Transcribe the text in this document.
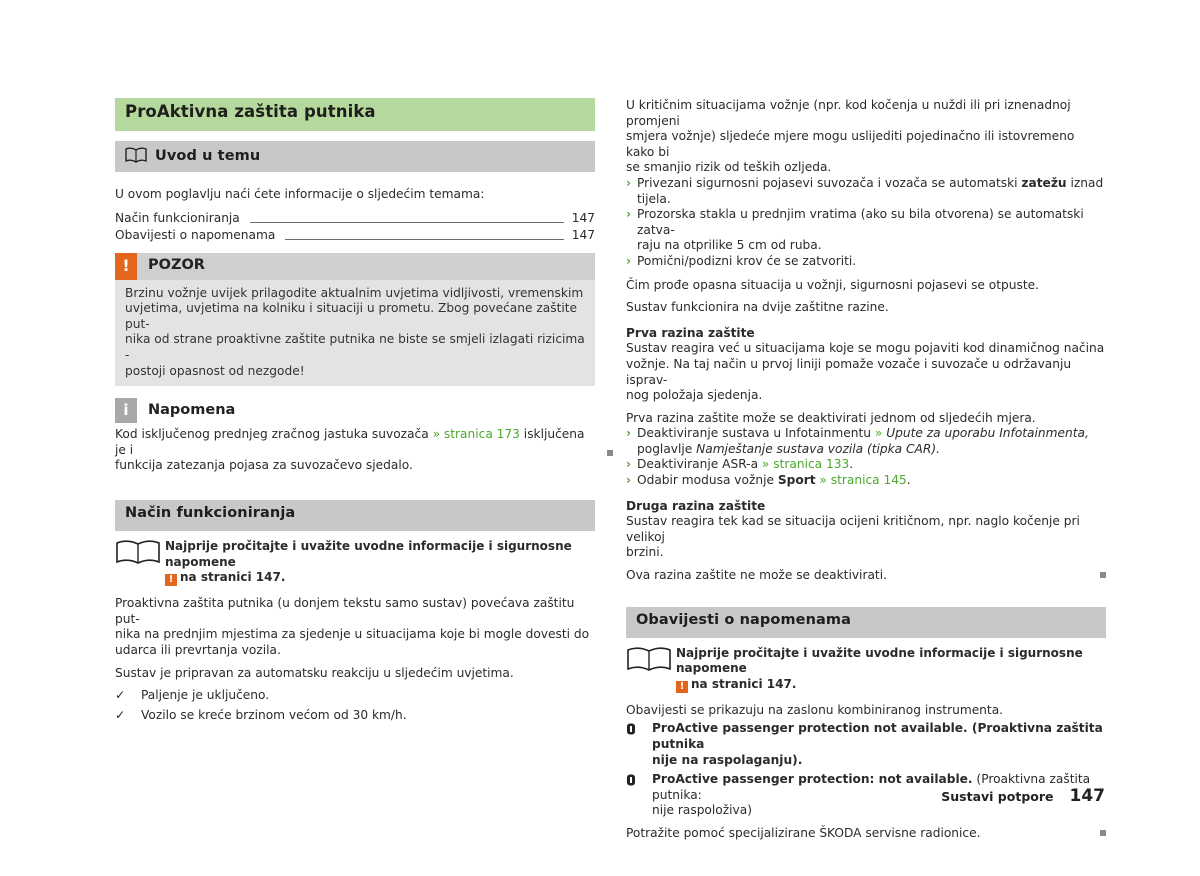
ProAktivna zaštita putnika
Uvod u temu

U ovom poglavlju naći ćete informacije o sljedećim temama:

Način funkcioniranja	147
Obavijesti o napomenama	147
!	POZOR
Brzinu vožnje uvijek prilagodite aktualnim uvjetima vidljivosti, vremenskim
uvjetima, uvjetima na kolniku i situaciji u prometu. Zbog povećane zaštite put-
nika od strane proaktivne zaštite putnika ne biste se smjeli izlagati rizicima -
postoji opasnost od nezgode!
i	Napomena
Kod isključenog prednjeg zračnog jastuka suvozača » stranica 173 isključena je i
funkcija zatezanja pojasa za suvozačevo sjedalo.
Način funkcioniranja
Najprije pročitajte i uvažite uvodne informacije i sigurnosne napomene
! na stranici 147.
Proaktivna zaštita putnika (u donjem tekstu samo sustav) povećava zaštitu put-
nika na prednjim mjestima za sjedenje u situacijama koje bi mogle dovesti do
udarca ili prevrtanja vozila.

Sustav je pripravan za automatsku reakciju u sljedećim uvjetima.

✓	Paljenje je uključeno.
✓	Vozilo se kreće brzinom većom od 30 km/h.
U kritičnim situacijama vožnje (npr. kod kočenja u nuždi ili pri iznenadnoj promjeni
smjera vožnje) sljedeće mjere mogu uslijediti pojedinačno ili istovremeno kako bi
se smanjio rizik od teških ozljeda.
› Privezani sigurnosni pojasevi suvozača i vozača se automatski zatežu iznad
tijela.
› Prozorska stakla u prednjim vratima (ako su bila otvorena) se automatski zatva-
raju na otprilike 5 cm od ruba.
› Pomični/podizni krov će se zatvoriti.

Čim prođe opasna situacija u vožnji, sigurnosni pojasevi se otpuste.

Sustav funkcionira na dvije zaštitne razine.

Prva razina zaštite

Sustav reagira već u situacijama koje se mogu pojaviti kod dinamičnog načina
vožnje. Na taj način u prvoj liniji pomaže vozače i suvozače u održavanju isprav-
nog položaja sjedenja.

Prva razina zaštite može se deaktivirati jednom od sljedećih mjera.

› Deaktiviranje sustava u Infotainmentu » Upute za uporabu Infotainmenta,
poglavlje Namještanje sustava vozila (tipka CAR).
› Deaktiviranje ASR-a » stranica 133.
› Odabir modusa vožnje Sport » stranica 145.

Druga razina zaštite

Sustav reagira tek kad se situacija ocijeni kritičnom, npr. naglo kočenje pri velikoj
brzini.
Ova razina zaštite ne može se deaktivirati.
Obavijesti o napomenama
Najprije pročitajte i uvažite uvodne informacije i sigurnosne napomene
! na stranici 147.

Obavijesti se prikazuju na zaslonu kombiniranog instrumenta.

ProActive passenger protection not available. (Proaktivna zaštita putnika
nije na raspolaganju).
ProActive passenger protection: not available. (Proaktivna zaštita putnika:
nije raspoloživa)
Potražite pomoć specijalizirane ŠKODA servisne radionice.
Sustavi potpore 147
